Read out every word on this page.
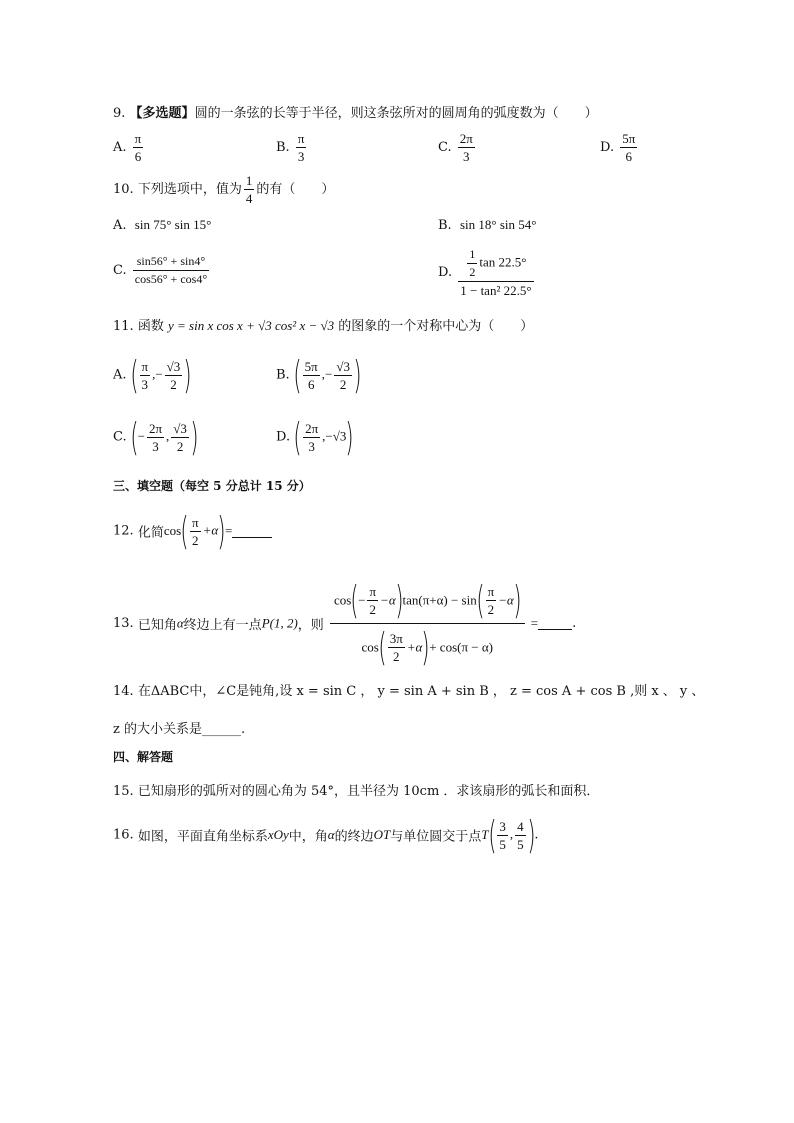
9. 【多选题】圆的一条弦的长等于半径，则这条弦所对的圆周角的弧度数为（　　）
A. $\frac{\pi}{6}$	B. $\frac{\pi}{3}$	C. $\frac{2\pi}{3}$	D. $\frac{5\pi}{6}$
10. 下列选项中，值为 $\frac{1}{4}$ 的有（　　）
A. sin 75° sin 15°	B. sin 18° sin 54°
C. $\frac{\sin 56^\circ + \sin 4^\circ}{\cos 56^\circ + \cos 4^\circ}$	D. $\frac{\frac{1}{2} \tan 22.5^\circ}{\text{1 − tan² 22.5°}}$
11. 函数 y = sin x cos x + √3 cos² x − √3 的图象的一个对称中心为（　　）
A. ( $\frac{\pi}{3}$ ,− $\frac{√3}{2}$ )	B. ( $\frac{5\pi}{6}$ ,− $\frac{√3}{2}$ )
C. (− $\frac{2\pi}{3}$ , $\frac{√3}{2}$ )	D. ( $\frac{2\pi}{3} ,-√3$)
三、填空题（每空 5 分总计 15 分）
12. 化简$\cos( \frac{\pi}{2} +\alpha)=$
13. 已知角α终边上有一点P(1, 2)，则 $\frac{\cos(- \frac{\pi}{2} -\alpha)\tan(\pi+\alpha) - \sin( \frac{\pi}{2} -\alpha)}{\cos( \frac{3\pi}{2} +\alpha)+ \cos(\pi - \alpha)}$ =	.
14. 在ΔABC中，∠C是钝角,设 x = sin C ， y = sin A + sin B ， z = cos A + cos B ,则 x 、 y 、
z 的大小关系是______.
四、解答题
15. 已知扇形的弧所对的圆心角为 54°，且半径为 10cm ．求该扇形的弧长和面积．
16. 如图，平面直角坐标系xOy中，角α的终边OT与单位圆交于点$T( \frac{3}{5}$ , $\frac{4}{5}$ ).
